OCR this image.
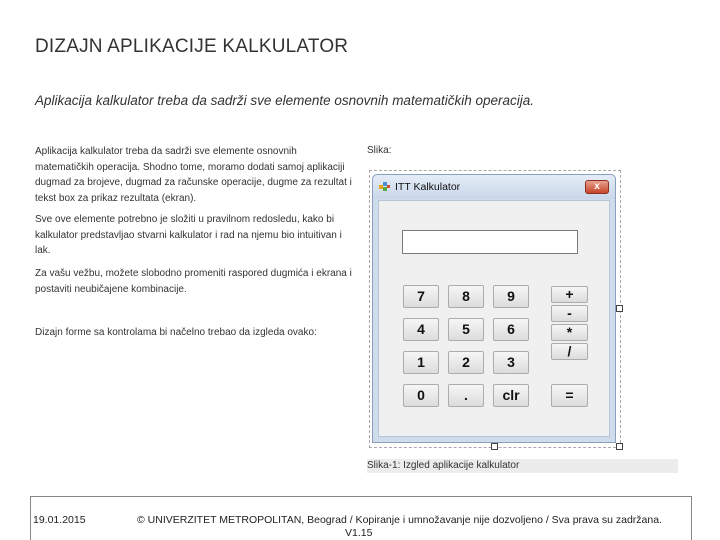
DIZAJN APLIKACIJE KALKULATOR
Aplikacija kalkulator treba da sadrži sve elemente osnovnih matematičkih operacija.
Aplikacija kalkulator treba da sadrži sve elemente osnovnih matematičkih operacija. Shodno tome, moramo dodati samoj aplikaciji dugmad za brojeve, dugmad za računske operacije, dugme za rezultat i tekst box za prikaz rezultata (ekran).
Sve ove elemente potrebno je složiti u pravilnom redosledu, kako bi kalkulator predstavljao stvarni kalkulator i rad na njemu bio intuitivan i lak.
Za vašu vežbu, možete slobodno promeniti raspored dugmića i ekrana i postaviti neubičajene kombinacije.
Dizajn forme sa kontrolama bi načelno trebao da izgleda ovako:
Slika:
ITT Kalkulator	x
7	8	9
4	5	6
1	2	3
0	.	clr
+
-
*
/
=
Slika-1: Izgled aplikacije kalkulator
19.01.2015	© UNIVERZITET METROPOLITAN, Beograd / Kopiranje i umnožavanje nije dozvoljeno / Sva prava su zadržana.
V1.15
